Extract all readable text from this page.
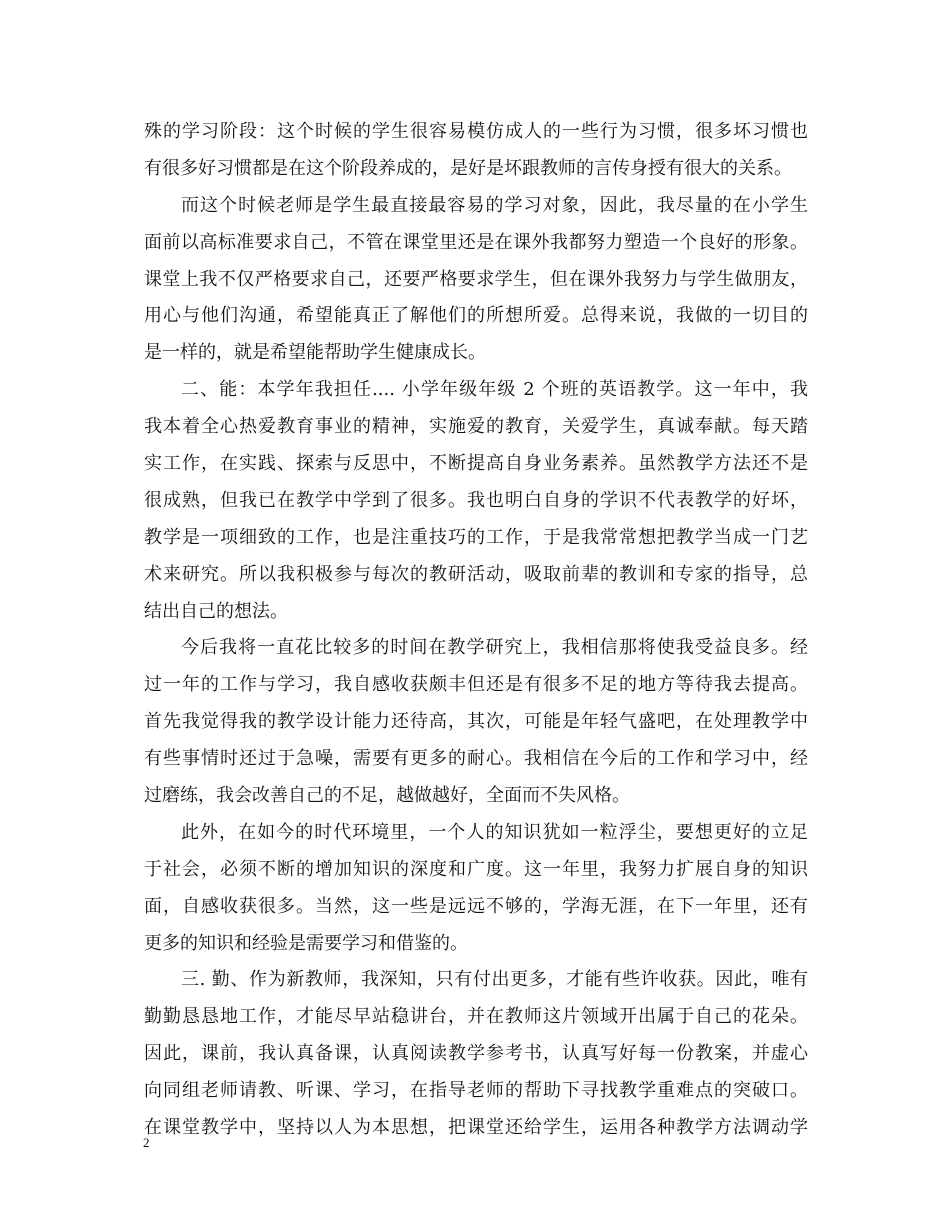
殊的学习阶段：这个时候的学生很容易模仿成人的一些行为习惯，很多坏习惯也
有很多好习惯都是在这个阶段养成的，是好是坏跟教师的言传身授有很大的关系。
而这个时候老师是学生最直接最容易的学习对象，因此，我尽量的在小学生
面前以高标准要求自己，不管在课堂里还是在课外我都努力塑造一个良好的形象。
课堂上我不仅严格要求自己，还要严格要求学生，但在课外我努力与学生做朋友，
用心与他们沟通，希望能真正了解他们的所想所爱。总得来说，我做的一切目的
是一样的，就是希望能帮助学生健康成长。
二、能：本学年我担任.... 小学年级年级 2 个班的英语教学。这一年中，我
我本着全心热爱教育事业的精神，实施爱的教育，关爱学生，真诚奉献。每天踏
实工作，在实践、探索与反思中，不断提高自身业务素养。虽然教学方法还不是
很成熟，但我已在教学中学到了很多。我也明白自身的学识不代表教学的好坏，
教学是一项细致的工作，也是注重技巧的工作，于是我常常想把教学当成一门艺
术来研究。所以我积极参与每次的教研活动，吸取前辈的教训和专家的指导，总
结出自己的想法。
今后我将一直花比较多的时间在教学研究上，我相信那将使我受益良多。经
过一年的工作与学习，我自感收获颇丰但还是有很多不足的地方等待我去提高。
首先我觉得我的教学设计能力还待高，其次，可能是年轻气盛吧，在处理教学中
有些事情时还过于急噪，需要有更多的耐心。我相信在今后的工作和学习中，经
过磨练，我会改善自己的不足，越做越好，全面而不失风格。
此外，在如今的时代环境里，一个人的知识犹如一粒浮尘，要想更好的立足
于社会，必须不断的增加知识的深度和广度。这一年里，我努力扩展自身的知识
面，自感收获很多。当然，这一些是远远不够的，学海无涯，在下一年里，还有
更多的知识和经验是需要学习和借鉴的。
三. 勤、作为新教师，我深知，只有付出更多，才能有些许收获。因此，唯有
勤勤恳恳地工作，才能尽早站稳讲台，并在教师这片领域开出属于自己的花朵。
因此，课前，我认真备课，认真阅读教学参考书，认真写好每一份教案，并虚心
向同组老师请教、听课、学习，在指导老师的帮助下寻找教学重难点的突破口。
在课堂教学中，坚持以人为本思想，把课堂还给学生，运用各种教学方法调动学
2
